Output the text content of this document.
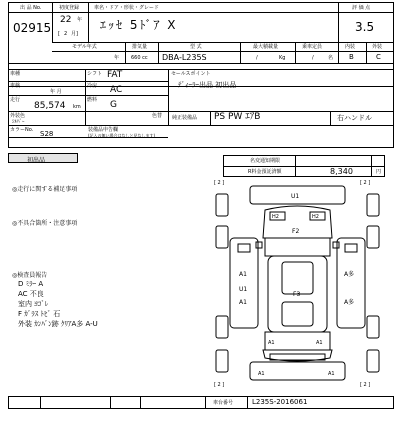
出 品 No.
02915
初度登録
22 年
[ 2 月]
車名・ドア・形状・グレード
ｴｯｾ 5ﾄﾞｱ X
評 価 点
3.5
内装	外装
B	C
モデル年式	排気量	型 式	最大積載量	乗車定員
年 660 cc DBA-L235S	/	Kg	/	名
車種	シフト FAT
車検
年 月
冷房 AC
走行
85,574 km
燃料 G
外装色
ｼﾙﾊﾞｰ
色替
カラーNo. S28	装備品申告欄
(記入の無い場合はなしと見なします)
セールスポイント
ﾃﾞｨｰﾗｰ出品 初出品
純正装備品 PS PW ｴｱB	右ハンドル
初出品	名変通知期限
R料金預託済額	8,340	円
◎走行に関する補足事項
◎不具合箇所・注意事項
◎検査員報告
D ﾐﾗｰ A
AC 不良
室内 ﾖｺﾞﾚ
F ｶﾞﾗｽ ﾄﾋﾞ 石
外装 ｶﾝﾊﾞﾝ跡 ｸﾘｱA多 A-U
[ 2 ]	[ 2 ]
[ 2 ]	[ 2 ]
U1
H2	H2
F2
A1
U1
A1
F3
A多
A多
A1	A1
A1	A1
車台番号	L235S-2016061
